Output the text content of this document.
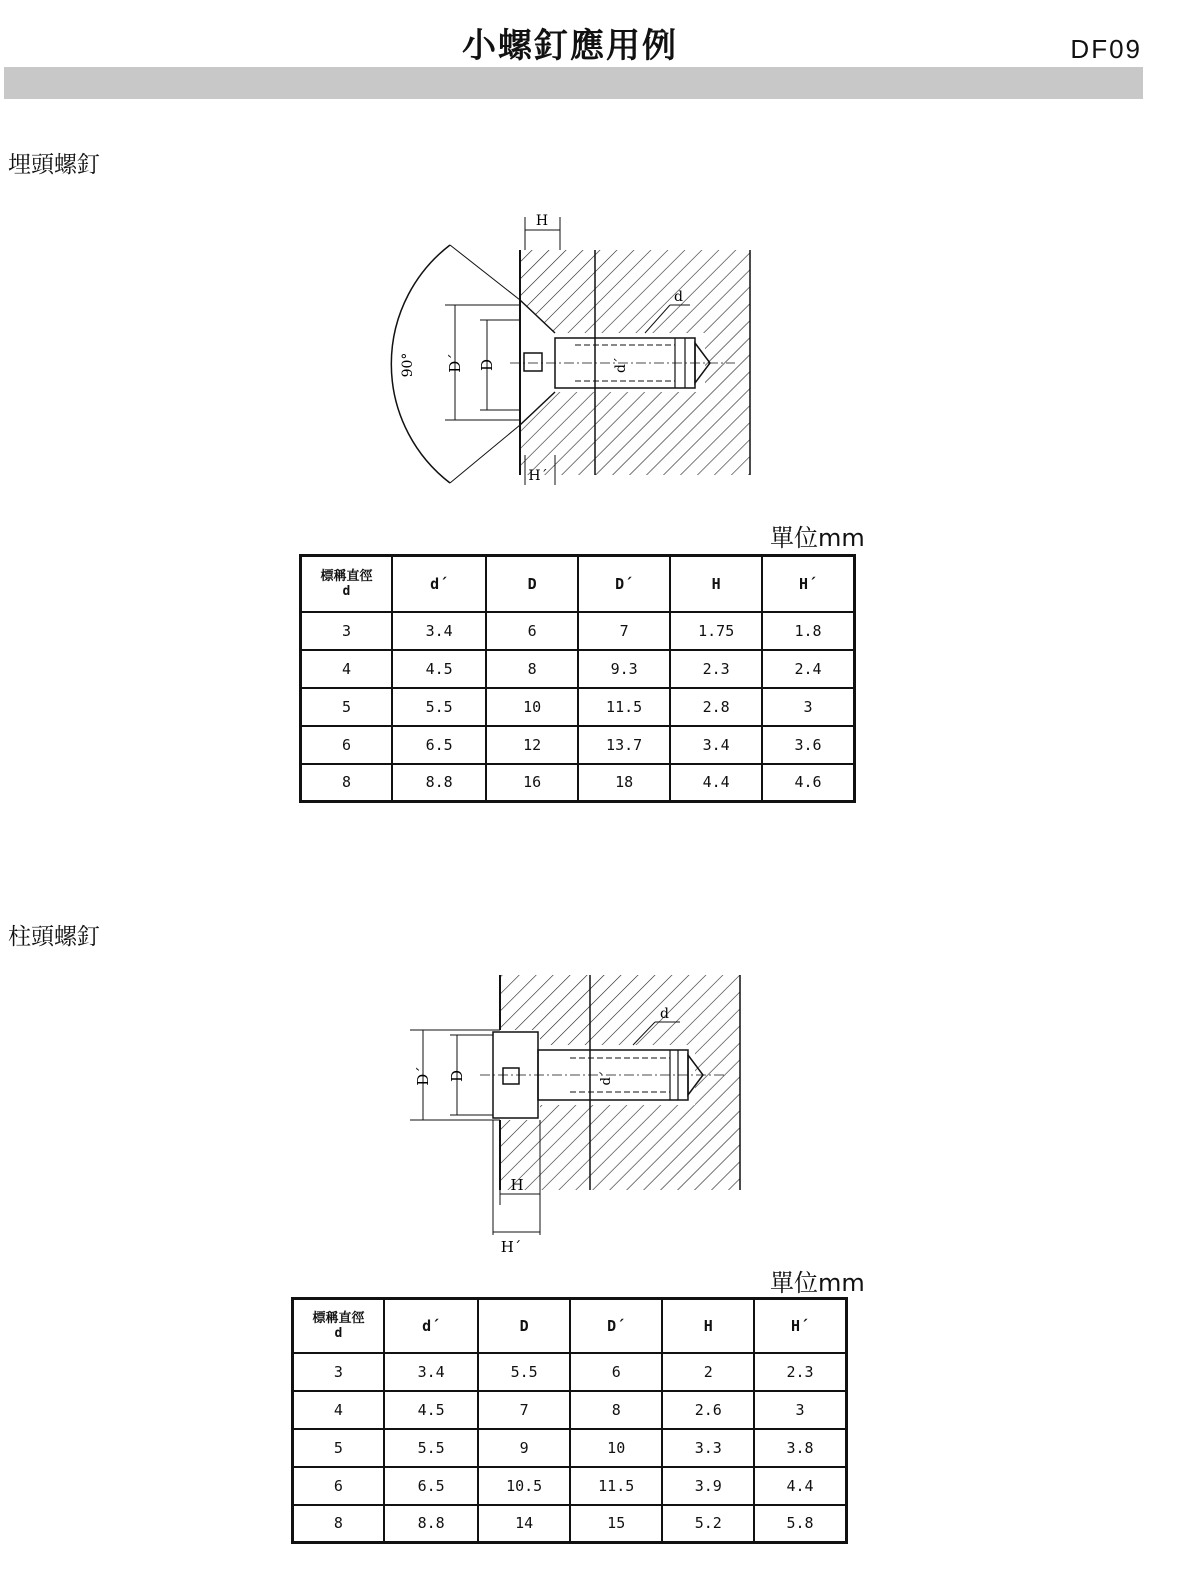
小螺釘應用例	DF09
埋頭螺釘
90° D´ D
H
H´
d
d´
單位mm
標稱直徑
d	d´	D	D´	H	H´
3	3.4	6	7	1.75	1.8
4	4.5	8	9.3	2.3	2.4
5	5.5	10	11.5	2.8	3
6	6.5	12	13.7	3.4	3.6
8	8.8	16	18	4.4	4.6
柱頭螺釘
D´ D
H
H´
d
d´
單位mm
標稱直徑
d	d´	D	D´	H	H´
3	3.4	5.5	6	2	2.3
4	4.5	7	8	2.6	3
5	5.5	9	10	3.3	3.8
6	6.5	10.5	11.5	3.9	4.4
8	8.8	14	15	5.2	5.8
